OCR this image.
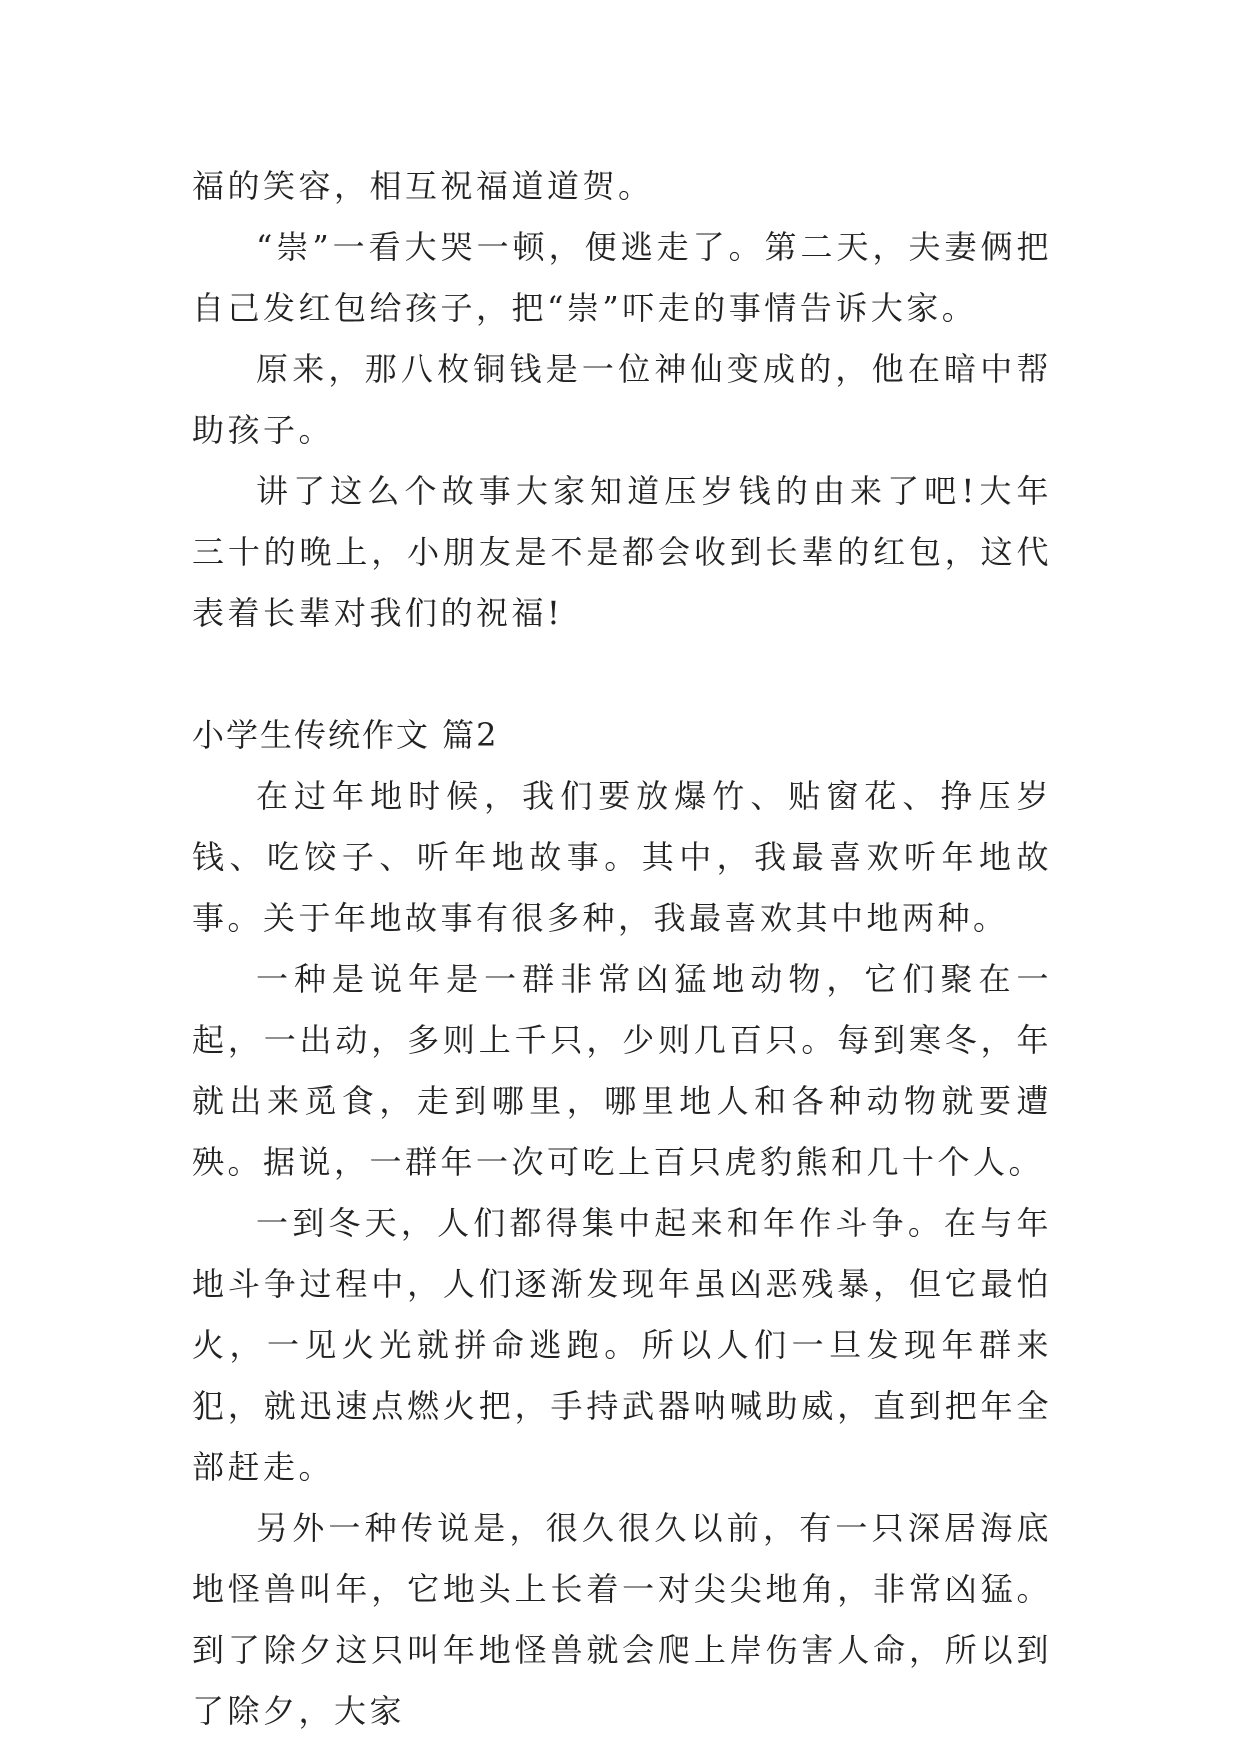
福的笑容，相互祝福道道贺。

“崇”一看大哭一顿，便逃走了。第二天，夫妻俩把自己发红包给孩子，把“崇”吓走的事情告诉大家。

原来，那八枚铜钱是一位神仙变成的，他在暗中帮助孩子。

讲了这么个故事大家知道压岁钱的由来了吧!大年三十的晚上，小朋友是不是都会收到长辈的红包，这代表着长辈对我们的祝福!

小学生传统作文 篇2

在过年地时候，我们要放爆竹、贴窗花、挣压岁钱、吃饺子、听年地故事。其中，我最喜欢听年地故事。关于年地故事有很多种，我最喜欢其中地两种。

一种是说年是一群非常凶猛地动物，它们聚在一起，一出动，多则上千只，少则几百只。每到寒冬，年就出来觅食，走到哪里，哪里地人和各种动物就要遭殃。据说，一群年一次可吃上百只虎豹熊和几十个人。

一到冬天，人们都得集中起来和年作斗争。在与年地斗争过程中，人们逐渐发现年虽凶恶残暴，但它最怕火，一见火光就拼命逃跑。所以人们一旦发现年群来犯，就迅速点燃火把，手持武器呐喊助威，直到把年全部赶走。

另外一种传说是，很久很久以前，有一只深居海底地怪兽叫年，它地头上长着一对尖尖地角，非常凶猛。到了除夕这只叫年地怪兽就会爬上岸伤害人命，所以到了除夕，大家
